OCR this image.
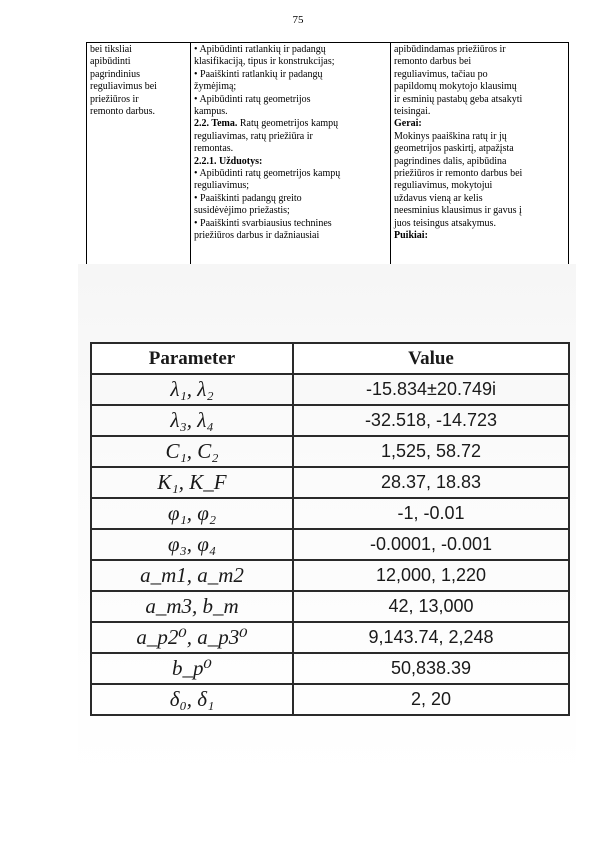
75
bei tiksliai
apibūdinti
pagrindinius
reguliavimus bei
priežiūros ir
remonto darbus.

• Apibūdinti ratlankių ir padangų
klasifikaciją, tipus ir konstrukcijas;
• Paaiškinti ratlankių ir padangų
žymėjimą;
• Apibūdinti ratų geometrijos
kampus.
2.2. Tema. Ratų geometrijos kampų
reguliavimas, ratų priežiūra ir
remontas.
2.2.1. Užduotys:
• Apibūdinti ratų geometrijos kampų
reguliavimus;
• Paaiškinti padangų greito
susidėvėjimo priežastis;
• Paaiškinti svarbiausius technines
priežiūros darbus ir dažniausiai

apibūdindamas priežiūros ir
remonto darbus bei
reguliavimus, tačiau po
papildomų mokytojo klausimų
ir esminių pastabų geba atsakyti
teisingai.
Gerai:
Mokinys paaiškina ratų ir jų
geometrijos paskirtį, atpažįsta
pagrindines dalis, apibūdina
priežiūros ir remonto darbus bei
reguliavimus, mokytojui
uždavus vieną ar kelis
neesminius klausimus ir gavus į
juos teisingus atsakymus.
Puikiai:
Parameter	Value
λ₁, λ₂	-15.834±20.749i
λ₃, λ₄	-32.518, -14.723
C₁, C₂	1,525, 58.72
K₁, K_F	28.37, 18.83
φ₁, φ₂	-1, -0.01
φ₃, φ₄	-0.0001, -0.001
a_m1, a_m2	12,000, 1,220
a_m3, b_m	42, 13,000
a_p2⁰, a_p3⁰	9,143.74, 2,248
b_p⁰	50,838.39
δ₀, δ₁	2, 20
